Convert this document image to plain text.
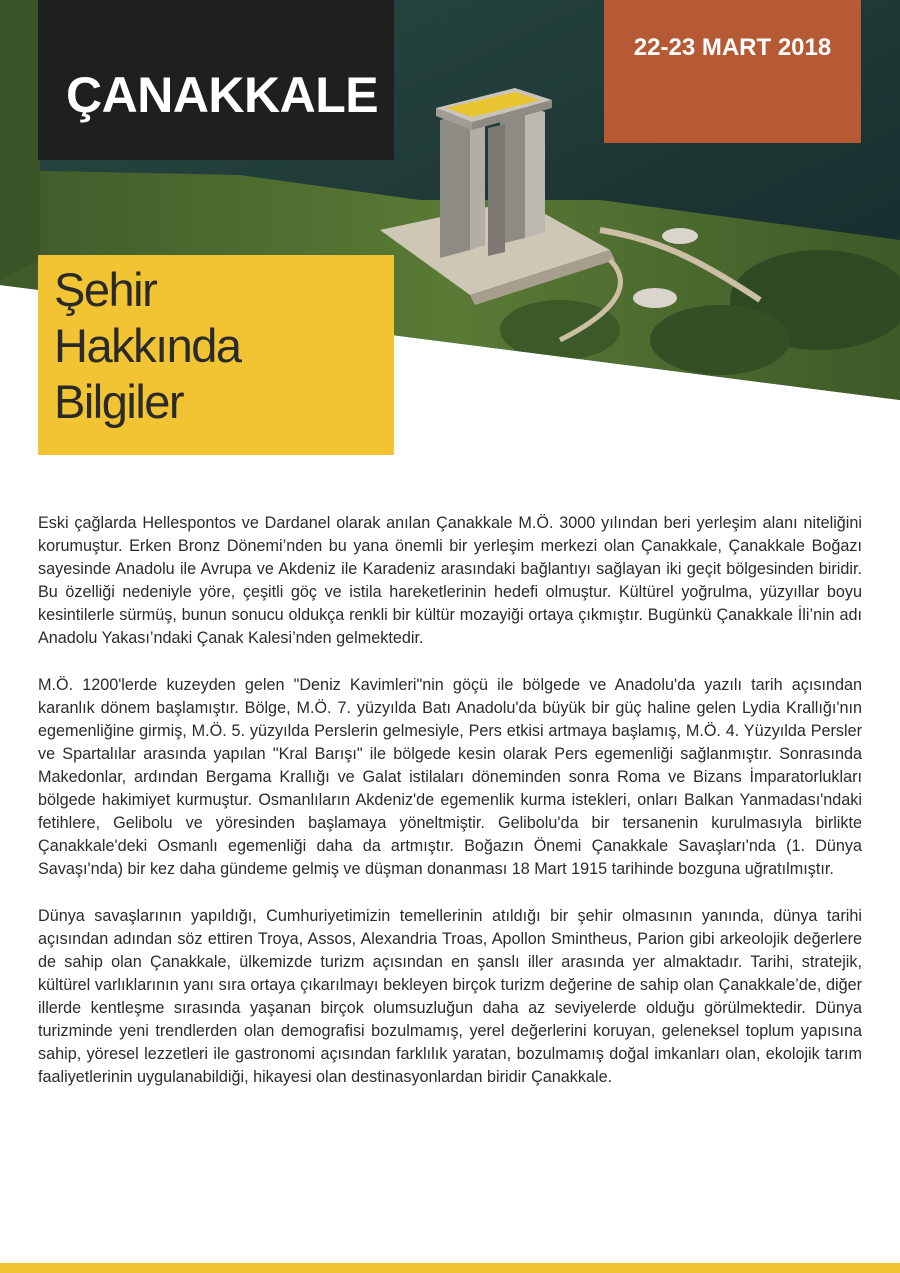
ÇANAKKALE
22-23 MART 2018
Şehir
Hakkında
Bilgiler

Eski çağlarda Hellespontos ve Dardanel olarak anılan Çanakkale M.Ö. 3000 yılından beri yerleşim alanı niteliğini korumuştur. Erken Bronz Dönemi’nden bu yana önemli bir yerleşim merkezi olan Çanakkale, Çanakkale Boğazı sayesinde Anadolu ile Avrupa ve Akdeniz ile Karadeniz arasındaki bağlantıyı sağlayan iki geçit bölgesinden biridir. Bu özelliği nedeniyle yöre, çeşitli göç ve istila hareketlerinin hedefi olmuştur. Kültürel yoğrulma, yüzyıllar boyu kesintilerle sürmüş, bunun sonucu oldukça renkli bir kültür mozayiği ortaya çıkmıştır. Bugünkü Çanakkale İli’nin adı Anadolu Yakası’ndaki Çanak Kalesi’nden gelmektedir.

M.Ö. 1200'lerde kuzeyden gelen "Deniz Kavimleri"nin göçü ile bölgede ve Anadolu'da yazılı tarih açısından karanlık dönem başlamıştır. Bölge, M.Ö. 7. yüzyılda Batı Anadolu'da büyük bir güç haline gelen Lydia Krallığı'nın egemenliğine girmiş, M.Ö. 5. yüzyılda Perslerin gelmesiyle, Pers etkisi artmaya başlamış, M.Ö. 4. Yüzyılda Persler ve Spartalılar arasında yapılan "Kral Barışı" ile bölgede kesin olarak Pers egemenliği sağlanmıştır. Sonrasında Makedonlar, ardından Bergama Krallığı ve Galat istilaları döneminden sonra Roma ve Bizans İmparatorlukları bölgede hakimiyet kurmuştur. Osmanlıların Akdeniz'de egemenlik kurma istekleri, onları Balkan Yanmadası'ndaki fetihlere, Gelibolu ve yöresinden başlamaya yöneltmiştir. Gelibolu'da bir tersanenin kurulmasıyla birlikte Çanakkale'deki Osmanlı egemenliği daha da artmıştır. Boğazın Önemi Çanakkale Savaşları'nda (1. Dünya Savaşı'nda) bir kez daha gündeme gelmiş ve düşman donanması 18 Mart 1915 tarihinde bozguna uğratılmıştır.

Dünya savaşlarının yapıldığı, Cumhuriyetimizin temellerinin atıldığı bir şehir olmasının yanında, dünya tarihi açısından adından söz ettiren Troya, Assos, Alexandria Troas, Apollon Smintheus, Parion gibi arkeolojik değerlere de sahip olan Çanakkale, ülkemizde turizm açısından en şanslı iller arasında yer almaktadır. Tarihi, stratejik, kültürel varlıklarının yanı sıra ortaya çıkarılmayı bekleyen birçok turizm değerine de sahip olan Çanakkale’de, diğer illerde kentleşme sırasında yaşanan birçok olumsuzluğun daha az seviyelerde olduğu görülmektedir. Dünya turizminde yeni trendlerden olan demografisi bozulmamış, yerel değerlerini koruyan, geleneksel toplum yapısına sahip, yöresel lezzetleri ile gastronomi açısından farklılık yaratan, bozulmamış doğal imkanları olan, ekolojik tarım faaliyetlerinin uygulanabildiği, hikayesi olan destinasyonlardan biridir Çanakkale.
